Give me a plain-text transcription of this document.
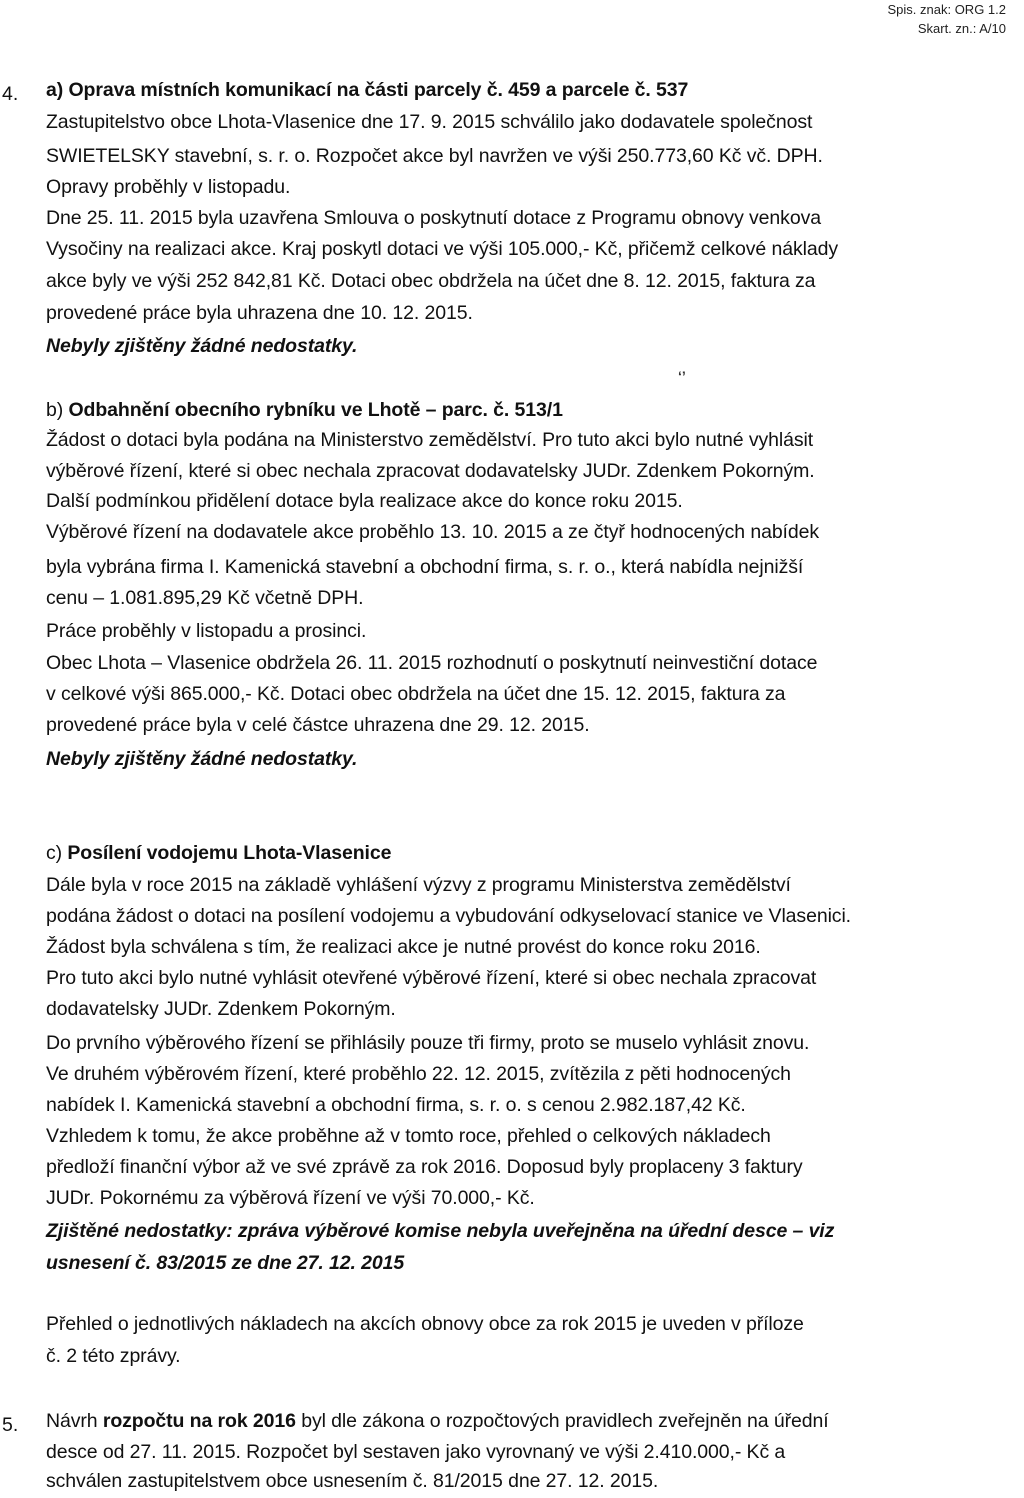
Spis. znak: ORG 1.2
Skart. zn.: A/10
4. a) Oprava místních komunikací na části parcely č. 459 a parcele č. 537
Zastupitelstvo obce Lhota-Vlasenice dne 17. 9. 2015 schválilo jako dodavatele společnost
SWIETELSKY stavební, s. r. o. Rozpočet akce byl navržen ve výši 250.773,60 Kč vč. DPH.
Opravy proběhly v listopadu.
Dne 25. 11. 2015 byla uzavřena Smlouva o poskytnutí dotace z Programu obnovy venkova
Vysočiny na realizaci akce. Kraj poskytl dotaci ve výši 105.000,- Kč, přičemž celkové náklady
akce byly ve výši 252 842,81 Kč. Dotaci obec obdržela na účet dne 8. 12. 2015, faktura za
provedené práce byla uhrazena dne 10. 12. 2015.
Nebyly zjištěny žádné nedostatky.
‘’
b) Odbahnění obecního rybníku ve Lhotě – parc. č. 513/1
Žádost o dotaci byla podána na Ministerstvo zemědělství. Pro tuto akci bylo nutné vyhlásit
výběrové řízení, které si obec nechala zpracovat dodavatelsky JUDr. Zdenkem Pokorným.
Další podmínkou přidělení dotace byla realizace akce do konce roku 2015.
Výběrové řízení na dodavatele akce proběhlo 13. 10. 2015 a ze čtyř hodnocených nabídek
byla vybrána firma I. Kamenická stavební a obchodní firma, s. r. o., která nabídla nejnižší
cenu – 1.081.895,29 Kč včetně DPH.
Práce proběhly v listopadu a prosinci.
Obec Lhota – Vlasenice obdržela 26. 11. 2015 rozhodnutí o poskytnutí neinvestiční dotace
v celkové výši 865.000,- Kč. Dotaci obec obdržela na účet dne 15. 12. 2015, faktura za
provedené práce byla v celé částce uhrazena dne 29. 12. 2015.
Nebyly zjištěny žádné nedostatky.
c) Posílení vodojemu Lhota-Vlasenice
Dále byla v roce 2015 na základě vyhlášení výzvy z programu Ministerstva zemědělství
podána žádost o dotaci na posílení vodojemu a vybudování odkyselovací stanice ve Vlasenici.
Žádost byla schválena s tím, že realizaci akce je nutné provést do konce roku 2016.
Pro tuto akci bylo nutné vyhlásit otevřené výběrové řízení, které si obec nechala zpracovat
dodavatelsky JUDr. Zdenkem Pokorným.
Do prvního výběrového řízení se přihlásily pouze tři firmy, proto se muselo vyhlásit znovu.
Ve druhém výběrovém řízení, které proběhlo 22. 12. 2015, zvítězila z pěti hodnocených
nabídek I. Kamenická stavební a obchodní firma, s. r. o. s cenou 2.982.187,42 Kč.
Vzhledem k tomu, že akce proběhne až v tomto roce, přehled o celkových nákladech
předloží finanční výbor až ve své zprávě za rok 2016. Doposud byly proplaceny 3 faktury
JUDr. Pokornému za výběrová řízení ve výši 70.000,- Kč.
Zjištěné nedostatky: zpráva výběrové komise nebyla uveřejněna na úřední desce – viz
usnesení č. 83/2015 ze dne 27. 12. 2015
Přehled o jednotlivých nákladech na akcích obnovy obce za rok 2015 je uveden v příloze
č. 2 této zprávy.
5. Návrh rozpočtu na rok 2016 byl dle zákona o rozpočtových pravidlech zveřejněn na úřední
desce od 27. 11. 2015. Rozpočet byl sestaven jako vyrovnaný ve výši 2.410.000,- Kč a
schválen zastupitelstvem obce usnesením č. 81/2015 dne 27. 12. 2015.
